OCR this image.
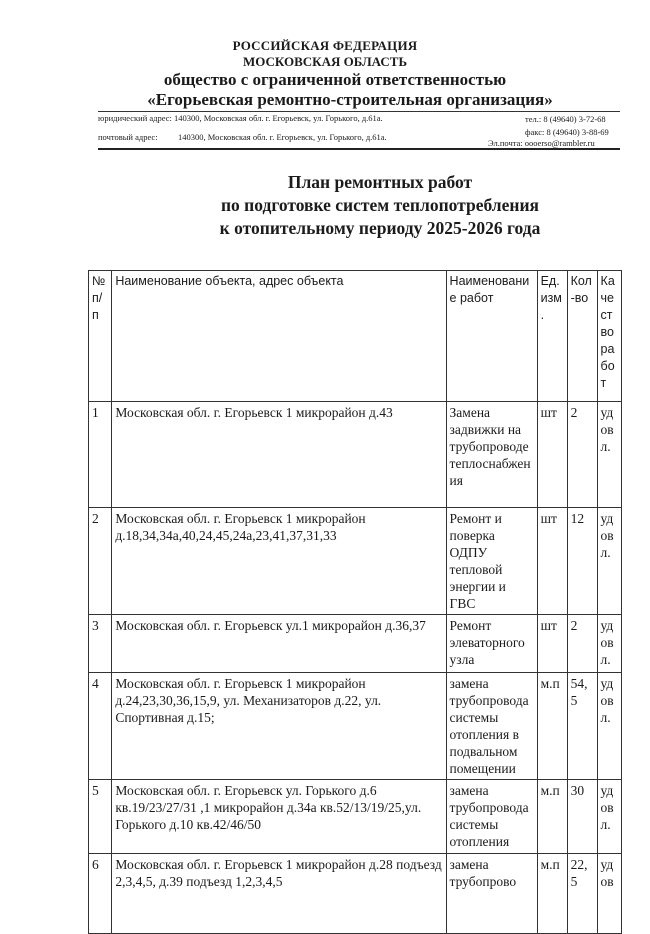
РОССИЙСКАЯ ФЕДЕРАЦИЯ
МОСКОВСКАЯ ОБЛАСТЬ
общество с ограниченной ответственностью
«Егорьевская ремонтно-строительная организация»
юридический адрес: 140300, Московская обл. г. Егорьевск, ул. Горького, д.61а.	тел.: 8 (49640) 3-72-68
факс: 8 (49640) 3-88-69
почтовый адрес: 140300, Московская обл. г. Егорьевск, ул. Горького, д.61а.
Эл.почта: oooerso@rambler.ru
План ремонтных работ
по подготовке систем теплопотребления
к отопительному периоду 2025-2026 года
№ п/п	Наименование объекта, адрес объекта	Наименование работ	Ед. изм.	Кол-во	Качество работ
1	Московская обл. г. Егорьевск 1 микрорайон д.43	Замена задвижки на трубопроводе теплоснабжения	шт	2	удовл.
2	Московская обл. г. Егорьевск 1 микрорайон д.18,34,34а,40,24,45,24а,23,41,37,31,33	Ремонт и поверка ОДПУ тепловой энергии и ГВС	шт	12	удовл.
3	Московская обл. г. Егорьевск ул.1 микрорайон д.36,37	Ремонт элеваторного узла	шт	2	удовл.
4	Московская обл. г. Егорьевск 1 микрорайон д.24,23,30,36,15,9, ул. Механизаторов д.22, ул. Спортивная д.15;	замена трубопровода системы отопления в подвальном помещении	м.п	54,5	удовл.
5	Московская обл. г. Егорьевск ул. Горького д.6 кв.19/23/27/31 ,1 микрорайон д.34а кв.52/13/19/25,ул. Горького д.10 кв.42/46/50	замена трубопровода системы отопления	м.п	30	удовл.
6	Московская обл. г. Егорьевск 1 микрорайон д.28 подъезд 2,3,4,5, д.39 подъезд 1,2,3,4,5	замена трубопрово	м.п	22,5	удов
